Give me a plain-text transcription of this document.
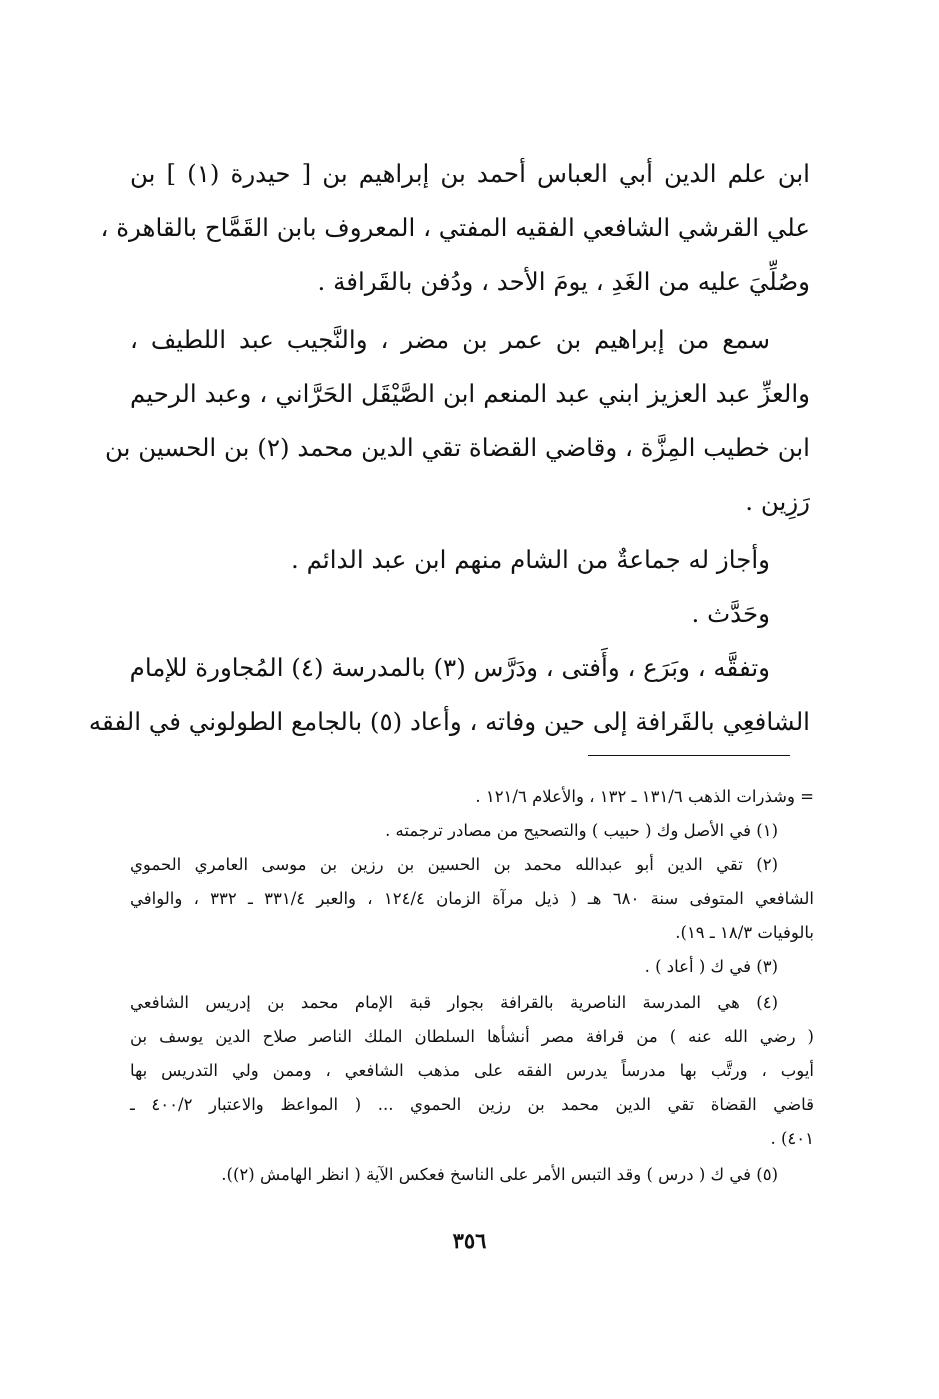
ابن علم الدين أبي العباس أحمد بن إبراهيم بن [ حيدرة (١) ] بن
علي القرشي الشافعي الفقيه المفتي ، المعروف بابن القَمَّاح بالقاهرة ،
وصُلِّيَ عليه من الغَدِ ، يومَ الأحد ، ودُفن بالقَرافة .

سمع من إبراهيم بن عمر بن مضر ، والنَّجيب عبد اللطيف ،
والعزِّ عبد العزيز ابني عبد المنعم ابن الصَّيْقَل الحَرَّاني ، وعبد الرحيم
ابن خطيب المِزَّة ، وقاضي القضاة تقي الدين محمد (٢) بن الحسين بن
رَزِين .

وأجاز له جماعةٌ من الشام منهم ابن عبد الدائم .

وحَدَّث .

وتفقَّه ، وبَرَع ، وأَفتى ، ودَرَّس (٣) بالمدرسة (٤) المُجاورة للإمام
الشافعِي بالقَرافة إلى حين وفاته ، وأعاد (٥) بالجامع الطولوني في الفقه

= وشذرات الذهب ١٣١/٦ ـ ١٣٢ ، والأعلام ١٢١/٦ .
(١) في الأصل وك ( حبيب ) والتصحيح من مصادر ترجمته .
(٢) تقي الدين أبو عبدالله محمد بن الحسين بن رزين بن موسى العامري الحموي
الشافعي المتوفى سنة ٦٨٠ هـ ( ذيل مرآة الزمان ١٢٤/٤ ، والعبر ٣٣١/٤ ـ ٣٣٢ ، والوافي
بالوفيات ١٨/٣ ـ ١٩).
(٣) في ك ( أعاد ) .
(٤) هي المدرسة الناصرية بالقرافة بجوار قبة الإمام محمد بن إدريس الشافعي
( رضي الله عنه ) من قرافة مصر أنشأها السلطان الملك الناصر صلاح الدين يوسف بن
أيوب ، ورتَّب بها مدرساً يدرس الفقه على مذهب الشافعي ، وممن ولي التدريس بها
قاضي القضاة تقي الدين محمد بن رزين الحموي ... ( المواعظ والاعتبار ٤٠٠/٢ ـ
٤٠١) .
(٥) في ك ( درس ) وقد التبس الأمر على الناسخ فعكس الآية ( انظر الهامش (٢)).
٣٥٦
